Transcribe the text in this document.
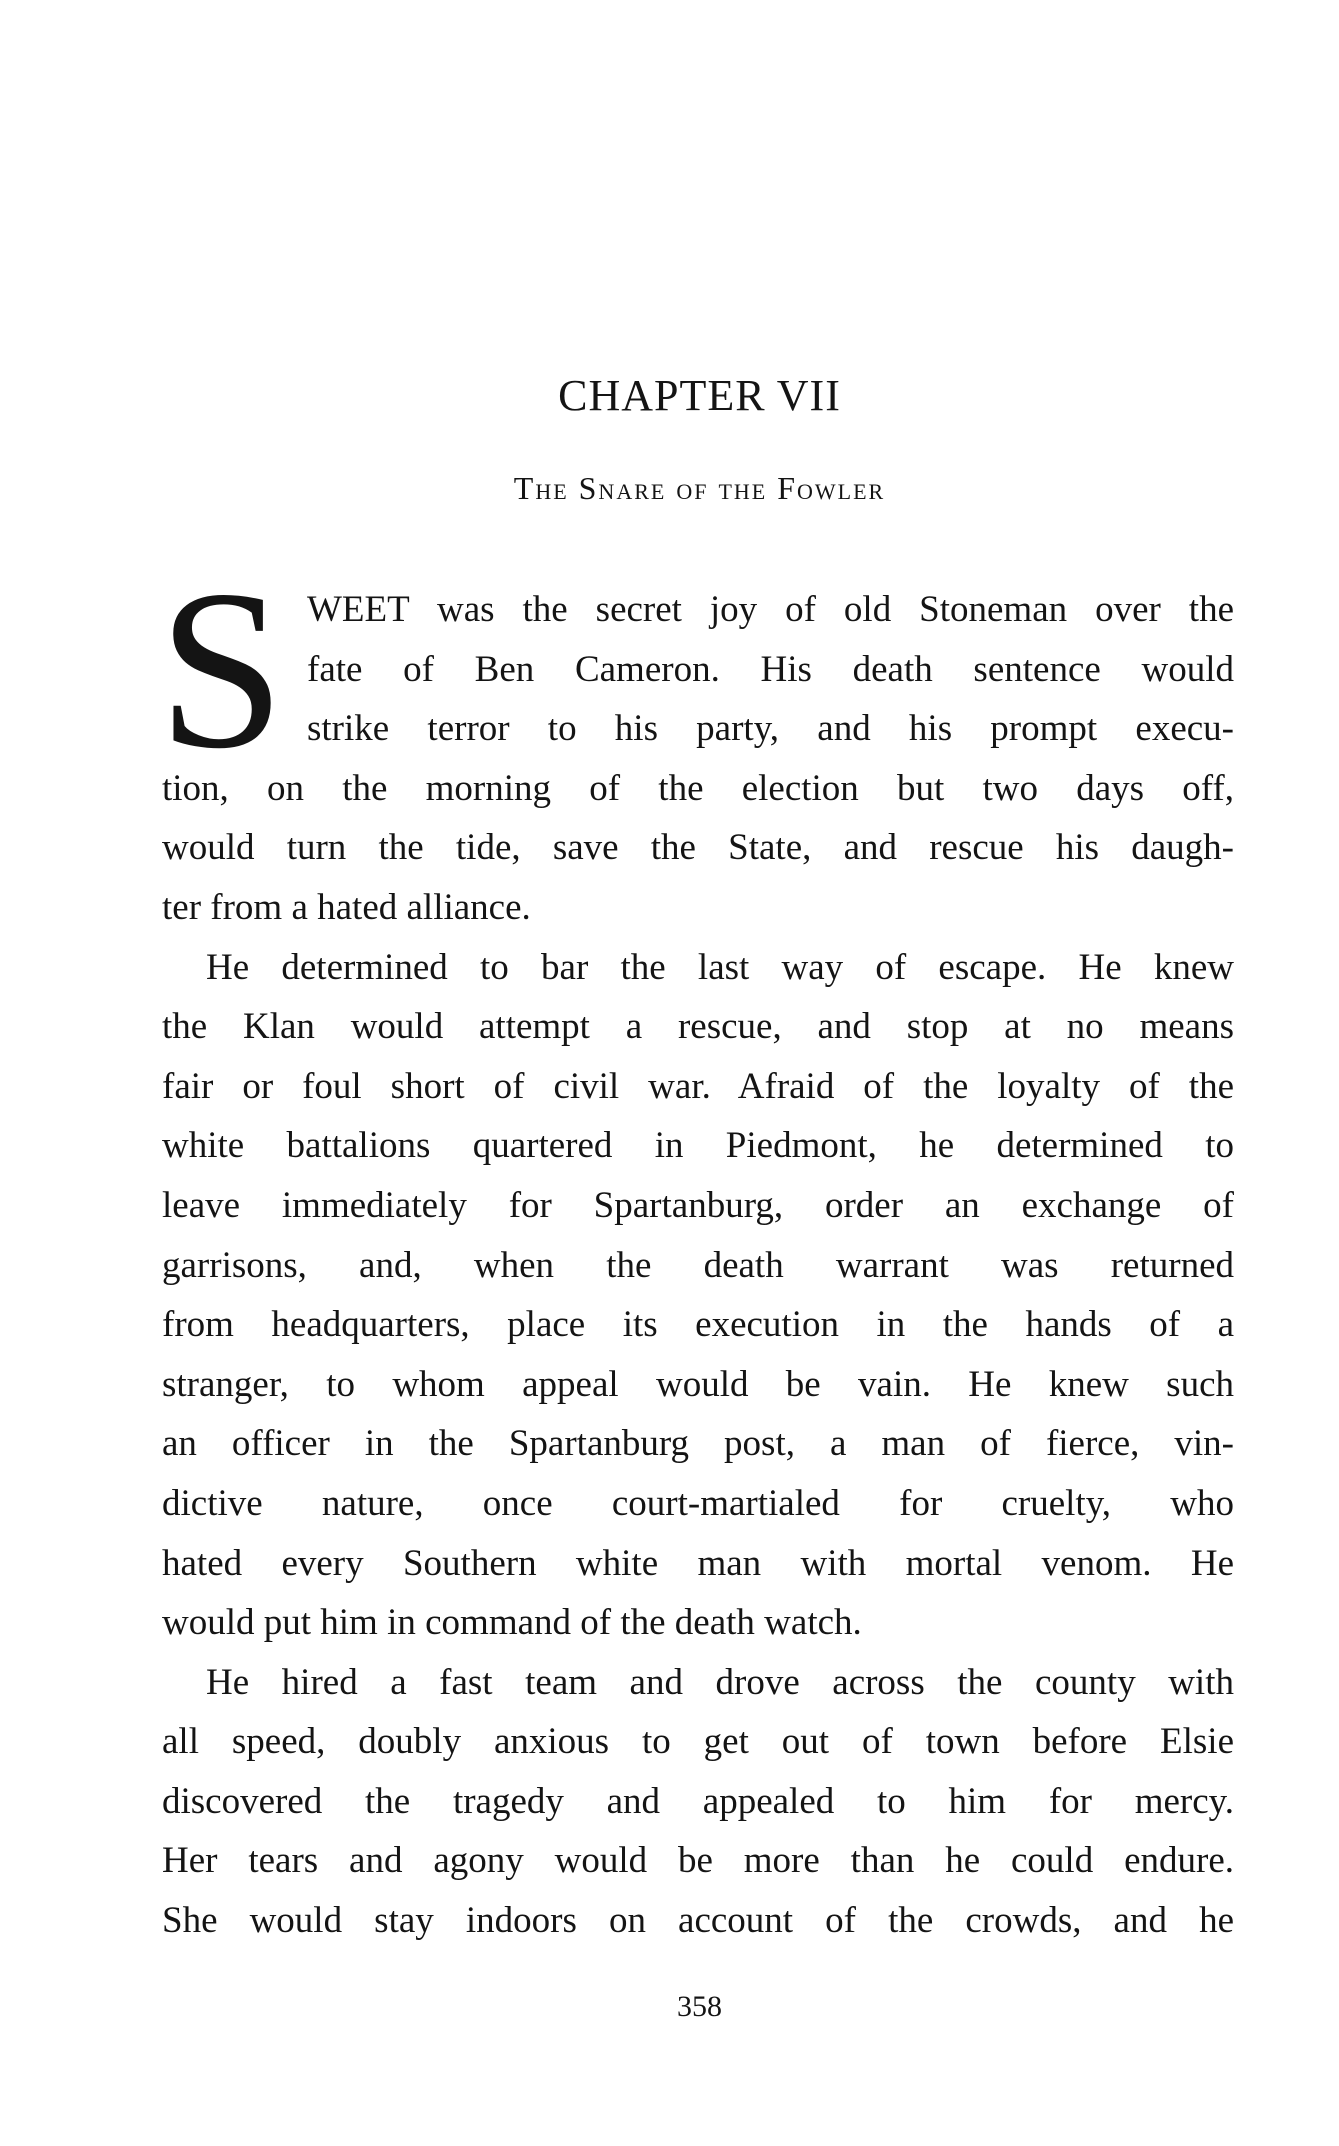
CHAPTER VII
The Snare of the Fowler
S WEET was the secret joy of old Stoneman over the
fate of Ben Cameron. His death sentence would
strike terror to his party, and his prompt execu-
tion, on the morning of the election but two days off,
would turn the tide, save the State, and rescue his daugh-
ter from a hated alliance.
He determined to bar the last way of escape. He knew
the Klan would attempt a rescue, and stop at no means
fair or foul short of civil war. Afraid of the loyalty of the
white battalions quartered in Piedmont, he determined to
leave immediately for Spartanburg, order an exchange of
garrisons, and, when the death warrant was returned
from headquarters, place its execution in the hands of a
stranger, to whom appeal would be vain. He knew such
an officer in the Spartanburg post, a man of fierce, vin-
dictive nature, once court-martialed for cruelty, who
hated every Southern white man with mortal venom. He
would put him in command of the death watch.
He hired a fast team and drove across the county with
all speed, doubly anxious to get out of town before Elsie
discovered the tragedy and appealed to him for mercy.
Her tears and agony would be more than he could endure.
She would stay indoors on account of the crowds, and he
358
